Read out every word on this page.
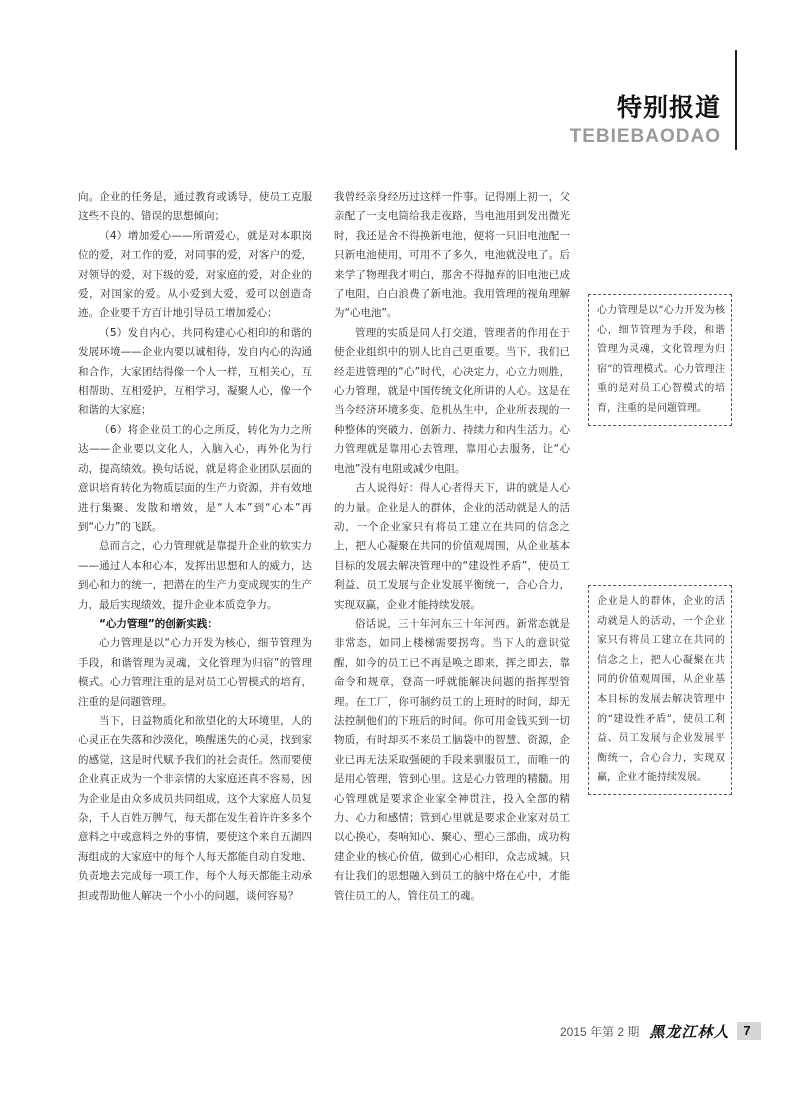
特别报道
TEBIEBAODAO

向。企业的任务是，通过教育或诱导，使员工克服这些不良的、错误的思想倾向；

（4）增加爱心——所谓爱心，就是对本职岗位的爱，对工作的爱，对同事的爱，对客户的爱，对领导的爱，对下级的爱，对家庭的爱，对企业的爱，对国家的爱。从小爱到大爱，爱可以创造奇迹。企业要千方百计地引导员工增加爱心；

（5）发自内心，共同构建心心相印的和谐的发展环境——企业内要以诚相待，发自内心的沟通和合作，大家团结得像一个人一样，互相关心，互相帮助、互相爱护，互相学习，凝聚人心，像一个和谐的大家庭；

（6）将企业员工的心之所反，转化为力之所达——企业要以文化人，入脑入心，再外化为行动，提高绩效。换句话说，就是将企业团队层面的意识培育转化为物质层面的生产力资源，并有效地进行集聚、发散和增效，是“人本”到“心本”再到“心力”的飞跃。

总而言之，心力管理就是靠提升企业的软实力——通过人本和心本，发挥出思想和人的威力，达到心和力的统一，把潜在的生产力变成现实的生产力，最后实现绩效，提升企业本质竞争力。

“心力管理”的创新实践：

心力管理是以“心力开发为核心，细节管理为手段，和谐管理为灵魂，文化管理为归宿”的管理模式。心力管理注重的是对员工心智模式的培育，注重的是问题管理。

当下，日益物质化和欲望化的大环境里，人的心灵正在失落和沙漠化，唤醒迷失的心灵，找到家的感觉，这是时代赋予我们的社会责任。然而要使企业真正成为一个非亲情的大家庭还真不容易，因为企业是由众多成员共同组成，这个大家庭人员复杂，千人百姓万脾气，每天都在发生着许许多多个意料之中或意料之外的事情，要使这个来自五湖四海组成的大家庭中的每个人每天都能自动自发地、负责地去完成每一项工作，每个人每天都能主动承担或帮助他人解决一个小小的问题，谈何容易？

我曾经亲身经历过这样一件事。记得刚上初一，父亲配了一支电筒给我走夜路，当电池用到发出微光时，我还是舍不得换新电池，便将一只旧电池配一只新电池使用，可用不了多久，电池就没电了。后来学了物理我才明白，那舍不得抛弃的旧电池已成了电阻，白白浪费了新电池。我用管理的视角理解为“心电池”。

管理的实质是同人打交道，管理者的作用在于使企业组织中的别人比自己更重要。当下，我们已经走进管理的“心”时代，心决定力，心立力则胜，心力管理，就是中国传统文化所讲的人心。这是在当今经济环境多变、危机丛生中，企业所表现的一种整体的突破力、创新力、持续力和内生活力。心力管理就是靠用心去管理，靠用心去服务，让“心电池”没有电阻或减少电阻。

古人说得好：得人心者得天下，讲的就是人心的力量。企业是人的群体，企业的活动就是人的活动，一个企业家只有将员工建立在共同的信念之上，把人心凝聚在共同的价值观周围，从企业基本目标的发展去解决管理中的“建设性矛盾”，使员工利益、员工发展与企业发展平衡统一，合心合力，实现双赢，企业才能持续发展。

俗话说，三十年河东三十年河西。新常态就是非常态，如同上楼梯需要拐弯。当下人的意识觉醒，如今的员工已不再是唤之即来，挥之即去，靠命令和规章，登高一呼就能解决问题的指挥型管理。在工厂，你可制约员工的上班时的时间，却无法控制他们的下班后的时间。你可用金钱买到一切物质，有时却买不来员工脑袋中的智慧、资源，企业已再无法采取强硬的手段来驯服员工，而唯一的是用心管理，管到心里。这是心力管理的精髓。用心管理就是要求企业家全神贯注，投入全部的精力、心力和感情；管到心里就是要求企业家对员工以心换心，奏响知心、聚心、塑心三部曲，成功构建企业的核心价值，做到心心相印，众志成城。只有让我们的思想融入到员工的脑中烙在心中，才能管住员工的人，管住员工的魂。

心力管理是以“心力开发为核心，细节管理为手段，和谐管理为灵魂，文化管理为归宿”的管理模式。心力管理注重的是对员工心智模式的培育，注重的是问题管理。
企业是人的群体，企业的活动就是人的活动，一个企业家只有将员工建立在共同的信念之上，把人心凝聚在共同的价值观周围，从企业基本目标的发展去解决管理中的“建设性矛盾”，使员工利益、员工发展与企业发展平衡统一，合心合力，实现双赢，企业才能持续发展。
2015 年第 2 期 黑龙江林人	7
